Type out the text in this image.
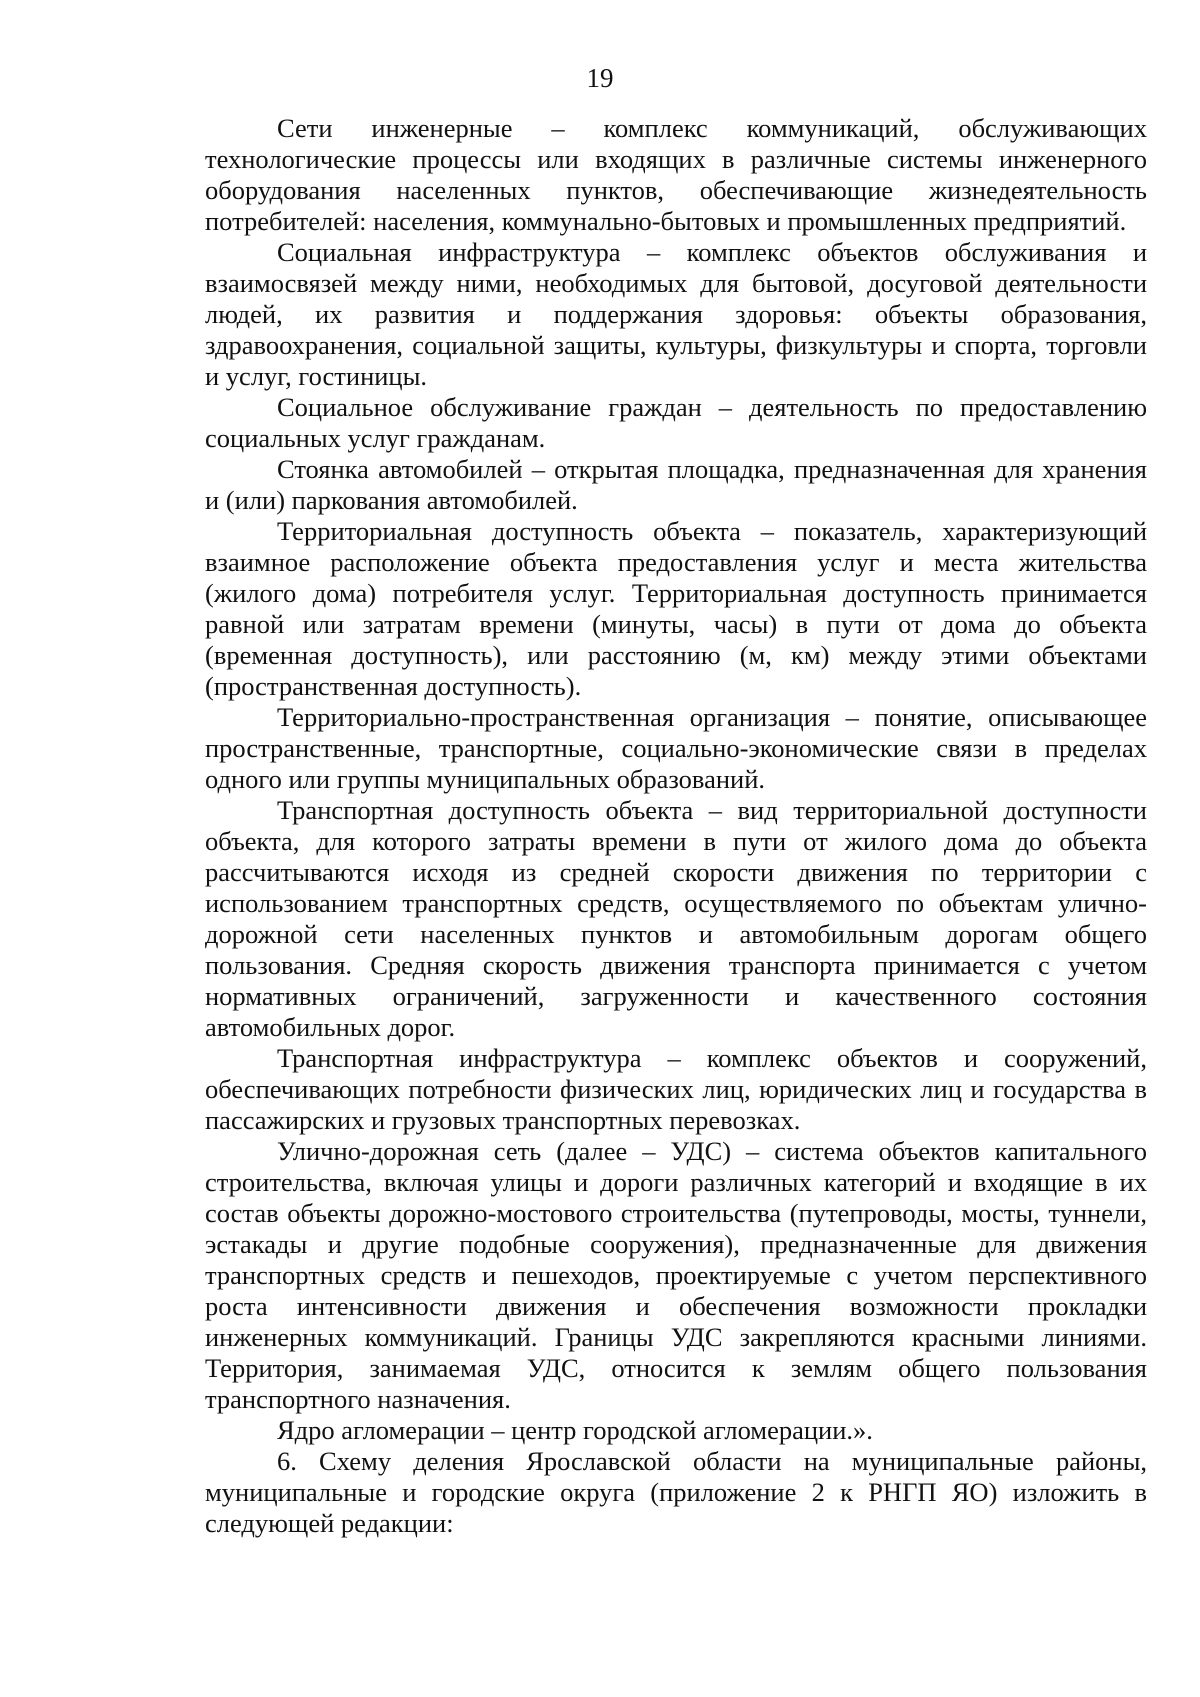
19

Сети инженерные – комплекс коммуникаций, обслуживающих технологические процессы или входящих в различные системы инженерного оборудования населенных пунктов, обеспечивающие жизнедеятельность потребителей: населения, коммунально-бытовых и промышленных предприятий.

Социальная инфраструктура – комплекс объектов обслуживания и взаимосвязей между ними, необходимых для бытовой, досуговой деятельности людей, их развития и поддержания здоровья: объекты образования, здравоохранения, социальной защиты, культуры, физкультуры и спорта, торговли и услуг, гостиницы.

Социальное обслуживание граждан – деятельность по предоставлению социальных услуг гражданам.

Стоянка автомобилей – открытая площадка, предназначенная для хранения и (или) паркования автомобилей.

Территориальная доступность объекта – показатель, характеризующий взаимное расположение объекта предоставления услуг и места жительства (жилого дома) потребителя услуг. Территориальная доступность принимается равной или затратам времени (минуты, часы) в пути от дома до объекта (временная доступность), или расстоянию (м, км) между этими объектами (пространственная доступность).

Территориально-пространственная организация – понятие, описывающее пространственные, транспортные, социально-экономические связи в пределах одного или группы муниципальных образований.

Транспортная доступность объекта – вид территориальной доступности объекта, для которого затраты времени в пути от жилого дома до объекта рассчитываются исходя из средней скорости движения по территории с использованием транспортных средств, осуществляемого по объектам улично-дорожной сети населенных пунктов и автомобильным дорогам общего пользования. Средняя скорость движения транспорта принимается с учетом нормативных ограничений, загруженности и качественного состояния автомобильных дорог.

Транспортная инфраструктура – комплекс объектов и сооружений, обеспечивающих потребности физических лиц, юридических лиц и государства в пассажирских и грузовых транспортных перевозках.

Улично-дорожная сеть (далее – УДС) – система объектов капитального строительства, включая улицы и дороги различных категорий и входящие в их состав объекты дорожно-мостового строительства (путепроводы, мосты, туннели, эстакады и другие подобные сооружения), предназначенные для движения транспортных средств и пешеходов, проектируемые с учетом перспективного роста интенсивности движения и обеспечения возможности прокладки инженерных коммуникаций. Границы УДС закрепляются красными линиями. Территория, занимаемая УДС, относится к землям общего пользования транспортного назначения.

Ядро агломерации – центр городской агломерации.».

6. Схему деления Ярославской области на муниципальные районы, муниципальные и городские округа (приложение 2 к РНГП ЯО) изложить в следующей редакции:
